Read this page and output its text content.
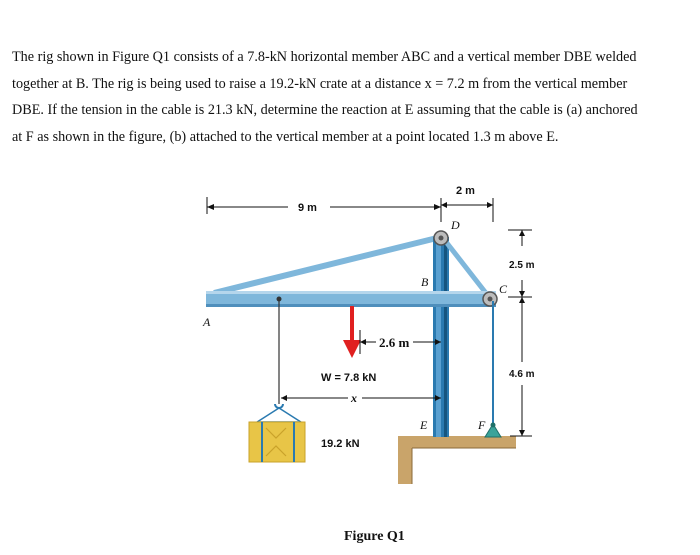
The rig shown in Figure Q1 consists of a 7.8-kN horizontal member ABC and a vertical member DBE welded
together at B. The rig is being used to raise a 19.2-kN crate at a distance x = 7.2 m from the vertical member
DBE. If the tension in the cable is 21.3 kN, determine the reaction at E assuming that the cable is (a) anchored
at F as shown in the figure, (b) attached to the vertical member at a point located 1.3 m above E.
9 m
2 m
2.5 m
4.6 m
19.2 kN
W = 7.8 kN
2.6 m
x
A
B	C
D
E	F
Figure Q1
